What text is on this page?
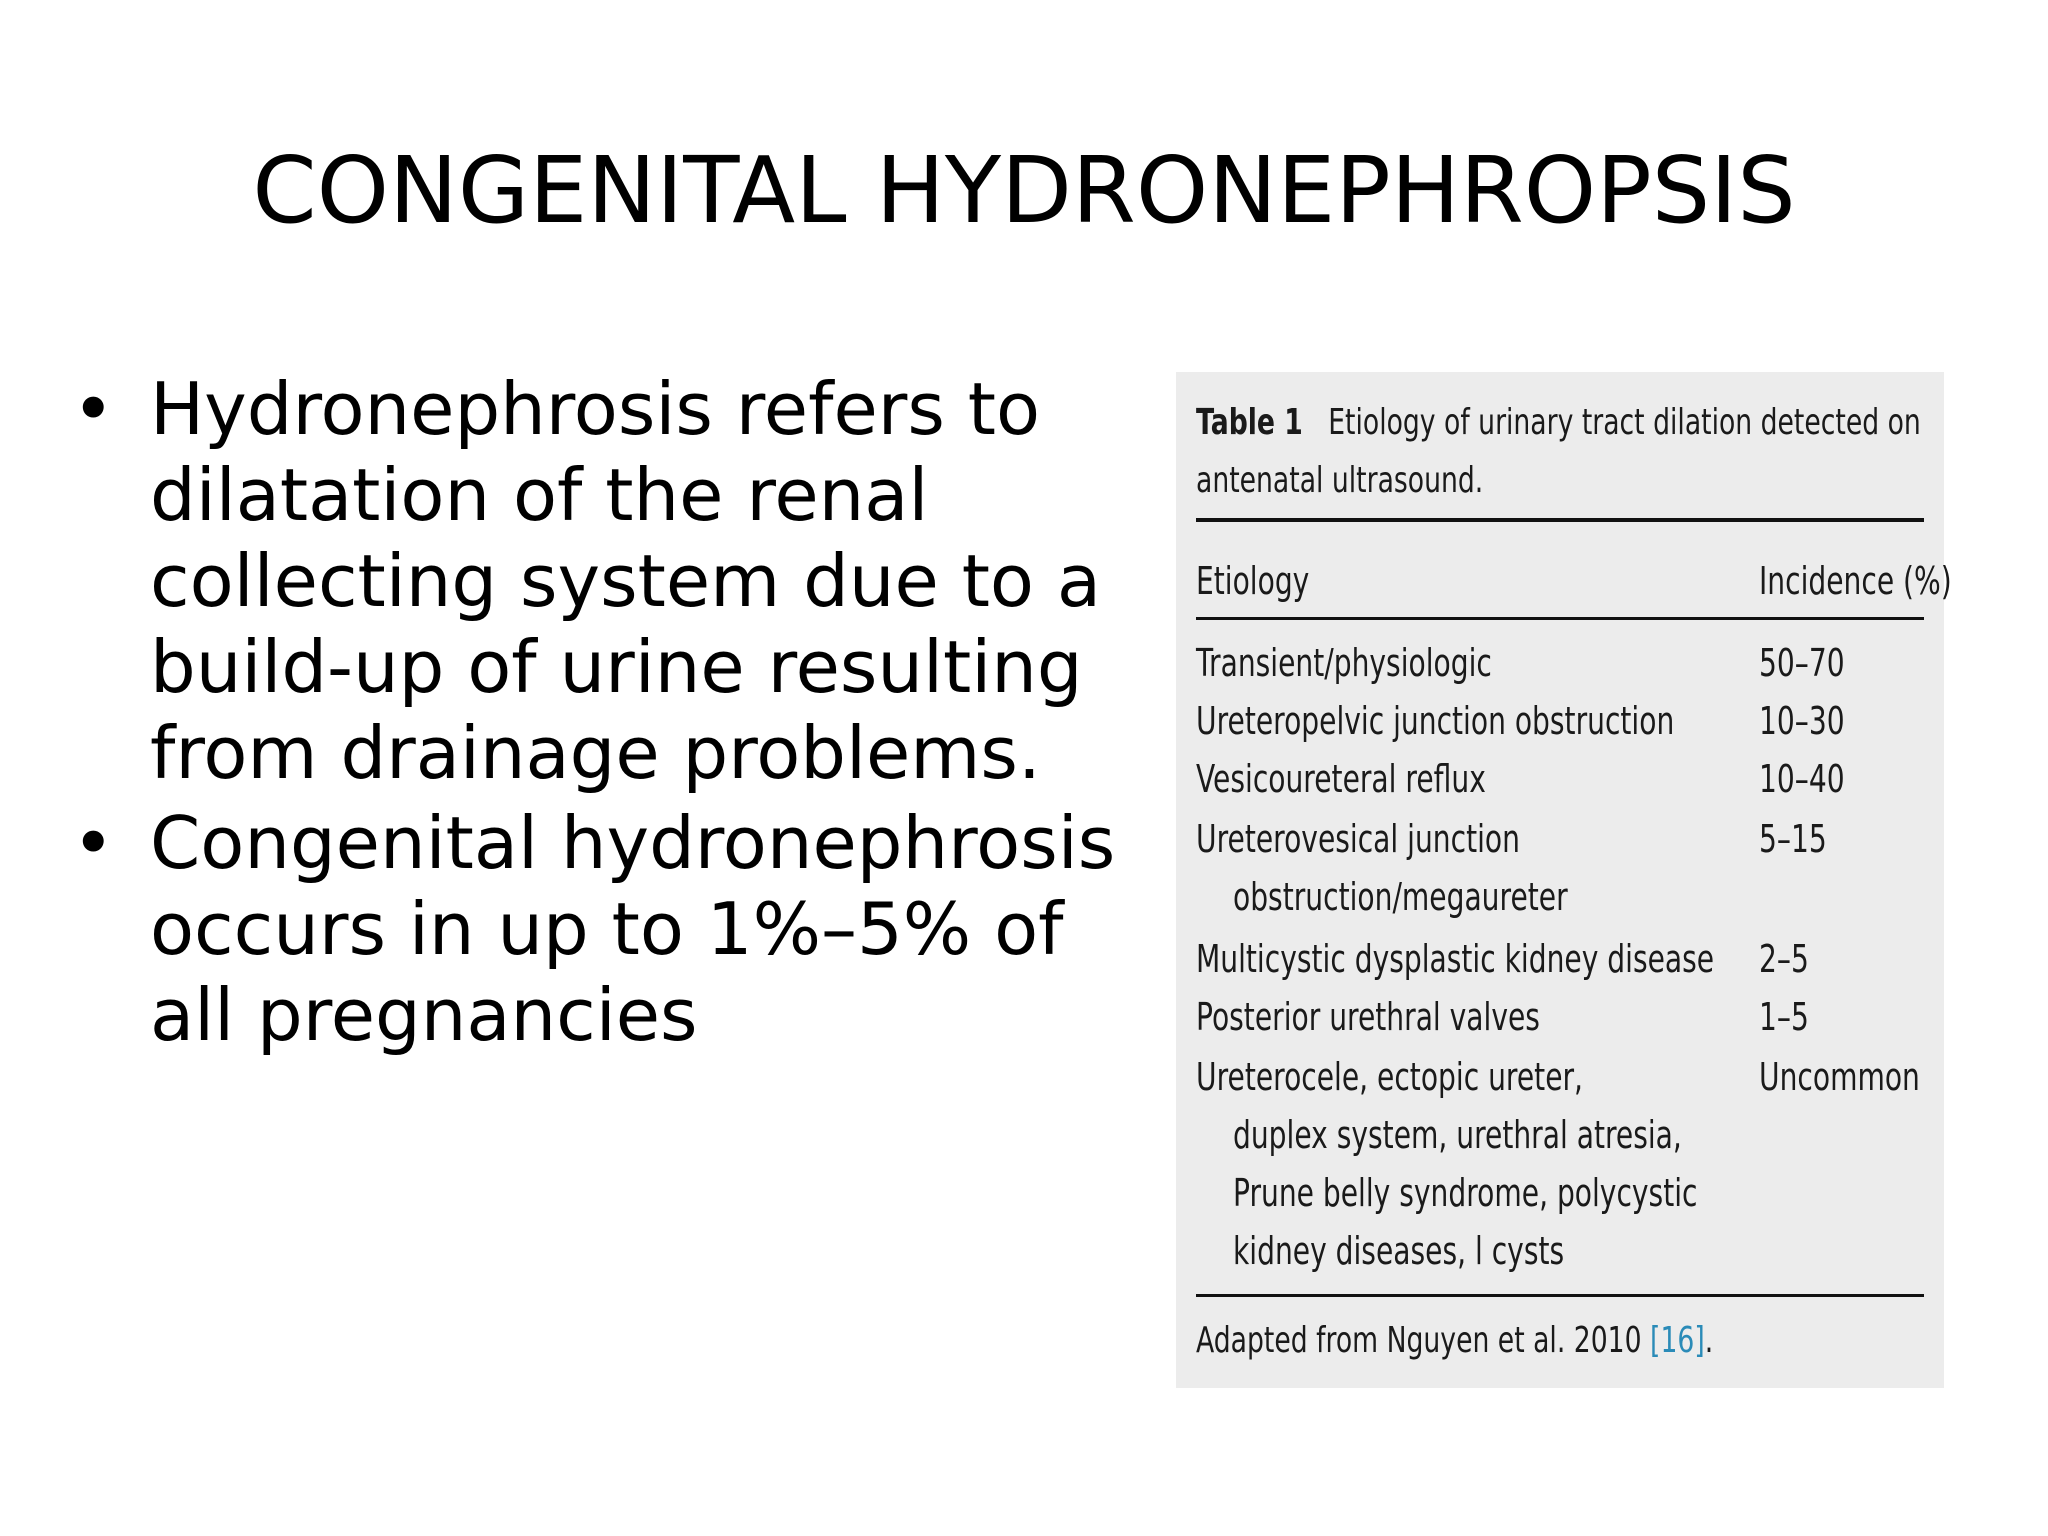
CONGENITAL HYDRONEPHROPSIS
• Hydronephrosis refers to
dilatation of the renal
collecting system due to a
build-up of urine resulting
from drainage problems.
• Congenital hydronephrosis
occurs in up to 1%–5% of
all pregnancies
Table 1 Etiology of urinary tract dilation detected on
antenatal ultrasound.
Etiology	Incidence (%)
Transient/physiologic	50–70
Ureteropelvic junction obstruction 10–30
Vesicoureteral reflux	10–40
Ureterovesical junction
obstruction/megaureter
5–15
Multicystic dysplastic kidney disease 2–5
Posterior urethral valves	1–5
Ureterocele, ectopic ureter,
duplex system, urethral atresia,
Prune belly syndrome, polycystic
kidney diseases, l cysts
Uncommon
Adapted from Nguyen et al. 2010 [16].
